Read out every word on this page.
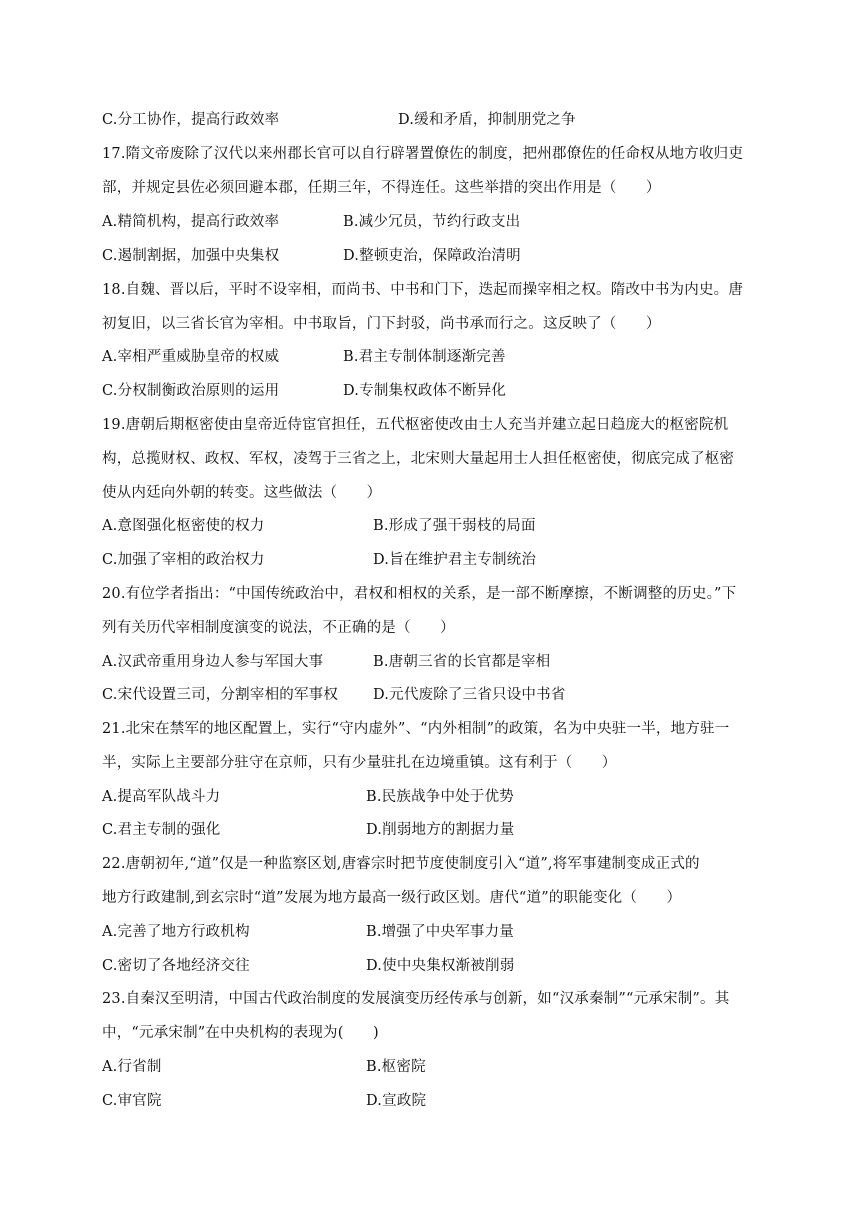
C.分工协作，提高行政效率	D.缓和矛盾，抑制朋党之争
17.隋文帝废除了汉代以来州郡长官可以自行辟署置僚佐的制度，把州郡僚佐的任命权从地方收归吏
部，并规定县佐必须回避本郡，任期三年，不得连任。这些举措的突出作用是（　　）
A.精简机构，提高行政效率	B.减少冗员，节约行政支出
C.遏制割据，加强中央集权	D.整顿吏治，保障政治清明
18.自魏、晋以后，平时不设宰相，而尚书、中书和门下，迭起而操宰相之权。隋改中书为内史。唐
初复旧，以三省长官为宰相。中书取旨，门下封驳，尚书承而行之。这反映了（　　）
A.宰相严重威胁皇帝的权威	B.君主专制体制逐渐完善
C.分权制衡政治原则的运用	D.专制集权政体不断异化
19.唐朝后期枢密使由皇帝近侍宦官担任，五代枢密使改由士人充当并建立起日趋庞大的枢密院机
构，总揽财权、政权、军权，凌驾于三省之上，北宋则大量起用士人担任枢密使，彻底完成了枢密
使从内廷向外朝的转变。这些做法（　　）
A.意图强化枢密使的权力	B.形成了强干弱枝的局面
C.加强了宰相的政治权力	D.旨在维护君主专制统治
20.有位学者指出：“中国传统政治中，君权和相权的关系，是一部不断摩擦，不断调整的历史。”下
列有关历代宰相制度演变的说法，不正确的是（　　）
A.汉武帝重用身边人参与军国大事	B.唐朝三省的长官都是宰相
C.宋代设置三司，分割宰相的军事权 D.元代废除了三省只设中书省
21.北宋在禁军的地区配置上，实行“守内虚外”、“内外相制”的政策，名为中央驻一半，地方驻一
半，实际上主要部分驻守在京师，只有少量驻扎在边境重镇。这有利于（　　）
A.提高军队战斗力	B.民族战争中处于优势
C.君主专制的强化	D.削弱地方的割据力量
22.唐朝初年,“道”仅是一种监察区划,唐睿宗时把节度使制度引入“道”,将军事建制变成正式的
地方行政建制,到玄宗时“道”发展为地方最高一级行政区划。唐代“道”的职能变化（　　）
A.完善了地方行政机构	B.增强了中央军事力量
C.密切了各地经济交往	D.使中央集权渐被削弱
23.自秦汉至明清，中国古代政治制度的发展演变历经传承与创新，如“汉承秦制”“元承宋制”。其
中，“元承宋制”在中央机构的表现为(　　)
A.行省制	B.枢密院
C.审官院	D.宣政院
